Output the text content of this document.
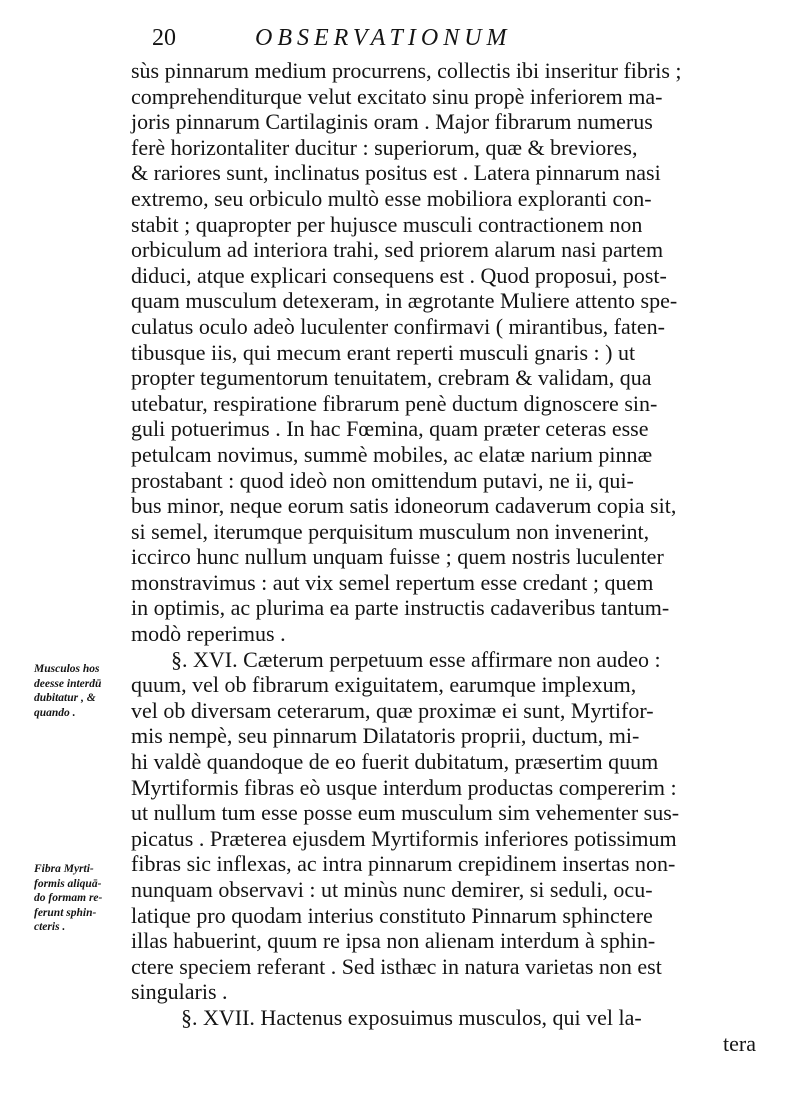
20	OBSERVATIONUM
Musculos hos
deesse interdū
dubitatur , &
quando .
Fibra Myrti-
formis aliquā-
do formam re-
ferunt sphin-
cteris .
sùs pinnarum medium procurrens, collectis ibi inseritur fibris ;
comprehenditurque velut excitato sinu propè inferiorem ma-
joris pinnarum Cartilaginis oram . Major fibrarum numerus
ferè horizontaliter ducitur : superiorum, quæ & breviores,
& rariores sunt, inclinatus positus est . Latera pinnarum nasi
extremo, seu orbiculo multò esse mobiliora exploranti con-
stabit ; quapropter per hujusce musculi contractionem non
orbiculum ad interiora trahi, sed priorem alarum nasi partem
diduci, atque explicari consequens est . Quod proposui, post-
quam musculum detexeram, in ægrotante Muliere attento spe-
culatus oculo adeò luculenter confirmavi ( mirantibus, faten-
tibusque iis, qui mecum erant reperti musculi gnaris : ) ut
propter tegumentorum tenuitatem, crebram & validam, qua
utebatur, respiratione fibrarum penè ductum dignoscere sin-
guli potuerimus . In hac Fœmina, quam præter ceteras esse
petulcam novimus, summè mobiles, ac elatæ narium pinnæ
prostabant : quod ideò non omittendum putavi, ne ii, qui-
bus minor, neque eorum satis idoneorum cadaverum copia sit,
si semel, iterumque perquisitum musculum non invenerint,
iccirco hunc nullum unquam fuisse ; quem nostris luculenter
monstravimus : aut vix semel repertum esse credant ; quem
in optimis, ac plurima ea parte instructis cadaveribus tantum-
modò reperimus .
§. XVI. Cæterum perpetuum esse affirmare non audeo :
quum, vel ob fibrarum exiguitatem, earumque implexum,
vel ob diversam ceterarum, quæ proximæ ei sunt, Myrtifor-
mis nempè, seu pinnarum Dilatatoris proprii, ductum, mi-
hi valdè quandoque de eo fuerit dubitatum, præsertim quum
Myrtiformis fibras eò usque interdum productas compererim :
ut nullum tum esse posse eum musculum sim vehementer sus-
picatus . Præterea ejusdem Myrtiformis inferiores potissimum
fibras sic inflexas, ac intra pinnarum crepidinem insertas non-
nunquam observavi : ut minùs nunc demirer, si seduli, ocu-
latique pro quodam interius constituto Pinnarum sphinctere
illas habuerint, quum re ipsa non alienam interdum à sphin-
ctere speciem referant . Sed isthæc in natura varietas non est
singularis .
§. XVII. Hactenus exposuimus musculos, qui vel la-
tera
